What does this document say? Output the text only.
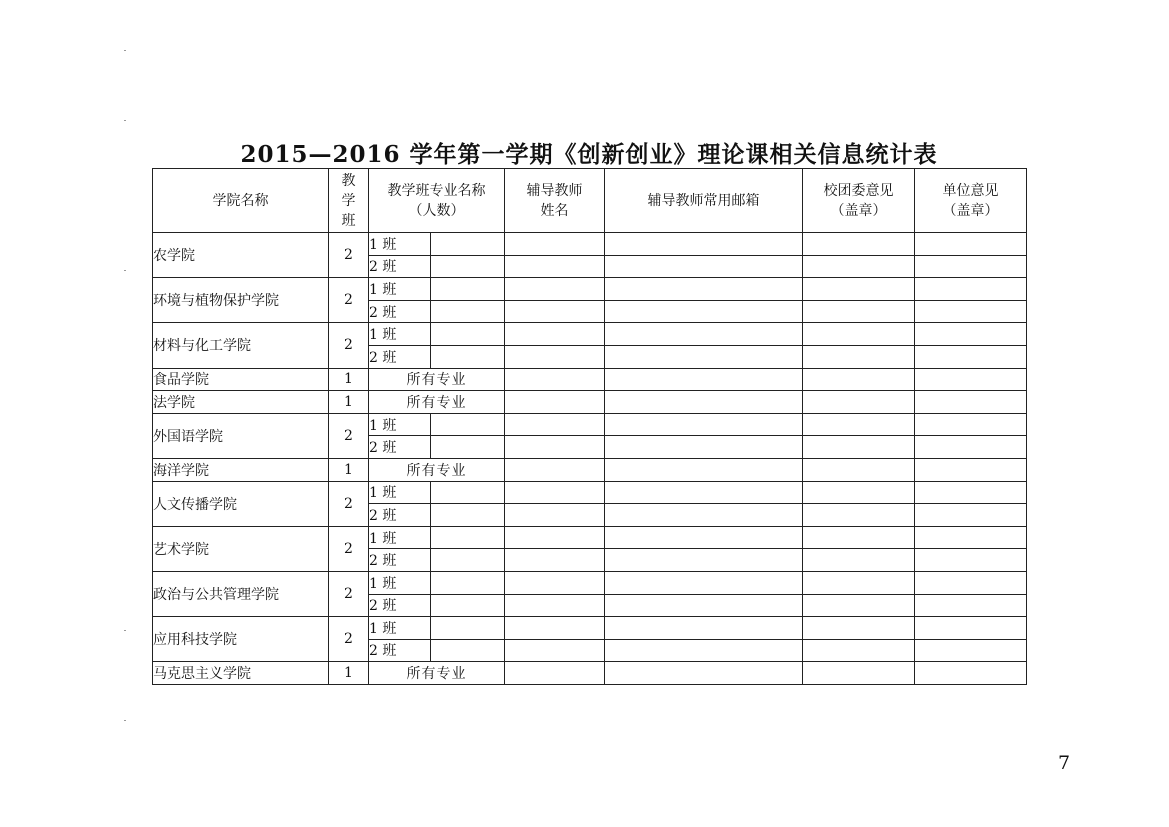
2015—2016 学年第一学期《创新创业》理论课相关信息统计表
学院名称	教学班	教学班专业名称（人数）		辅导教师姓名	辅导教师常用邮箱	校团委意见（盖章）	单位意见（盖章）

农学院	2	1 班					
		2 班					
环境与植物保护学院	2	1 班					
		2 班					
材料与化工学院	2	1 班					
		2 班					
食品学院	1	所有专业					
法学院	1	所有专业					
外国语学院	2	1 班					
		2 班					
海洋学院	1	所有专业					
人文传播学院	2	1 班					
		2 班					
艺术学院	2	1 班					
		2 班					
政治与公共管理学院	2	1 班					
		2 班					
应用科技学院	2	1 班					
		2 班					
马克思主义学院	1	所有专业					
7
